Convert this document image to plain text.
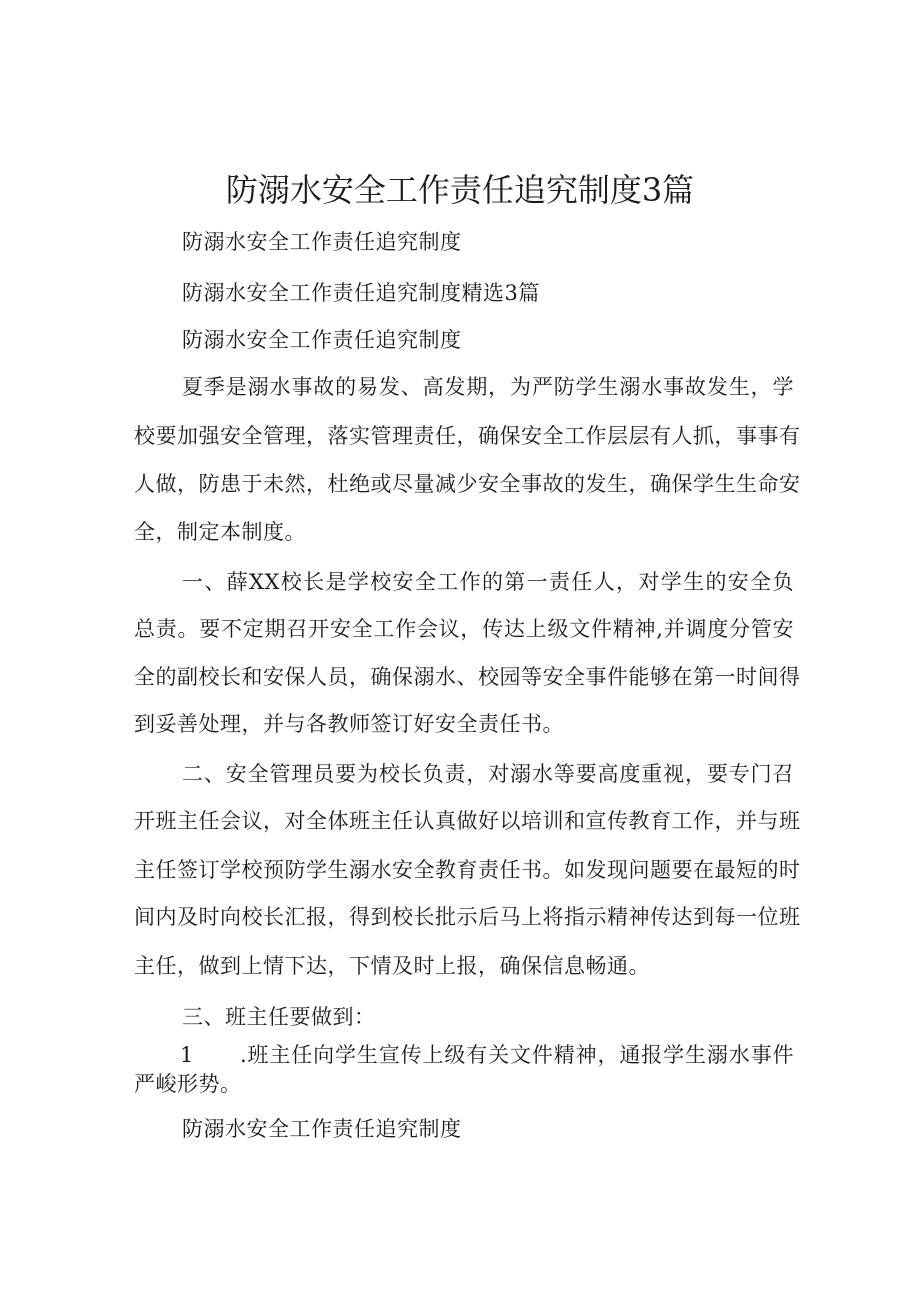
防溺水安全工作责任追究制度3篇
防溺水安全工作责任追究制度
防溺水安全工作责任追究制度精选3篇
防溺水安全工作责任追究制度
夏季是溺水事故的易发、高发期，为严防学生溺水事故发生，学
校要加强安全管理，落实管理责任，确保安全工作层层有人抓，事事有
人做，防患于未然，杜绝或尽量减少安全事故的发生，确保学生生命安
全，制定本制度。
一、薛XX校长是学校安全工作的第一责任人，对学生的安全负
总责。要不定期召开安全工作会议，传达上级文件精神,并调度分管安
全的副校长和安保人员，确保溺水、校园等安全事件能够在第一时间得
到妥善处理，并与各教师签订好安全责任书。
二、安全管理员要为校长负责，对溺水等要高度重视，要专门召
开班主任会议，对全体班主任认真做好以培训和宣传教育工作，并与班
主任签订学校预防学生溺水安全教育责任书。如发现问题要在最短的时
间内及时向校长汇报，得到校长批示后马上将指示精神传达到每一位班
主任，做到上情下达，下情及时上报，确保信息畅通。
三、班主任要做到：
1 .班主任向学生宣传上级有关文件精神，通报学生溺水事件
严峻形势。
防溺水安全工作责任追究制度
